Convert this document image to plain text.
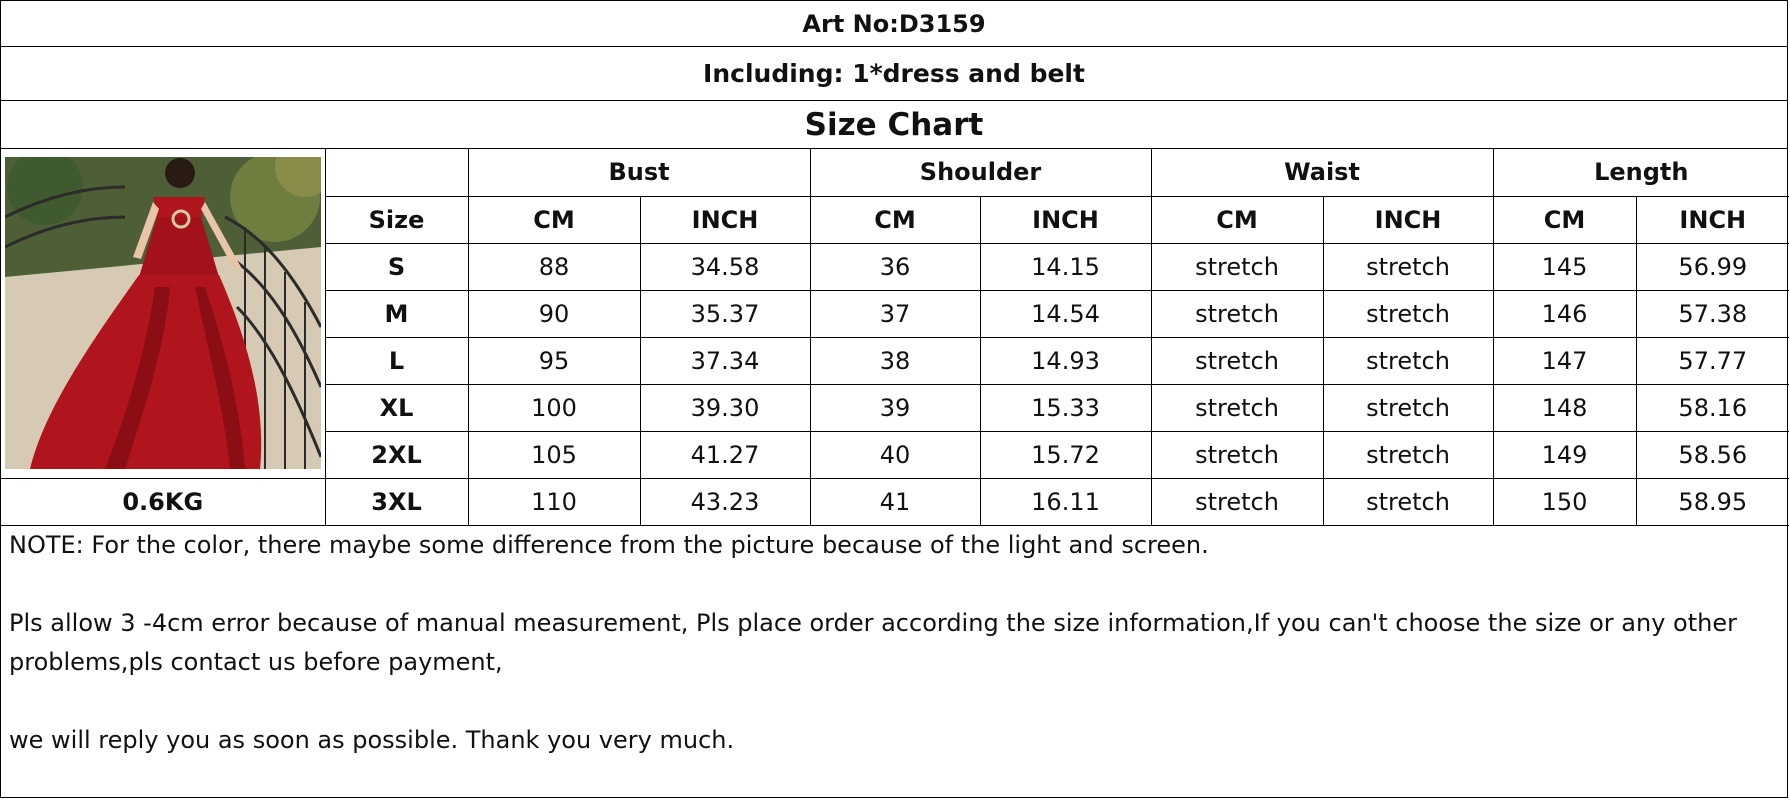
Art No:D3159
Including: 1*dress and belt
Size Chart
		Bust		Shoulder		Waist		Length	
	Size	CM	INCH	CM	INCH	CM	INCH	CM	INCH
	S	88	34.58	36	14.15	stretch	stretch	145	56.99
	M	90	35.37	37	14.54	stretch	stretch	146	57.38
	L	95	37.34	38	14.93	stretch	stretch	147	57.77
	XL	100	39.30	39	15.33	stretch	stretch	148	58.16
	2XL	105	41.27	40	15.72	stretch	stretch	149	58.56
0.6KG	3XL	110	43.23	41	16.11	stretch	stretch	150	58.95

NOTE: For the color, there maybe some difference from the picture because of the light and screen.

Pls allow 3 -4cm error because of manual measurement, Pls place order according the size information,If you can't choose the size or any other problems,pls contact us before payment,

we will reply you as soon as possible. Thank you very much.
